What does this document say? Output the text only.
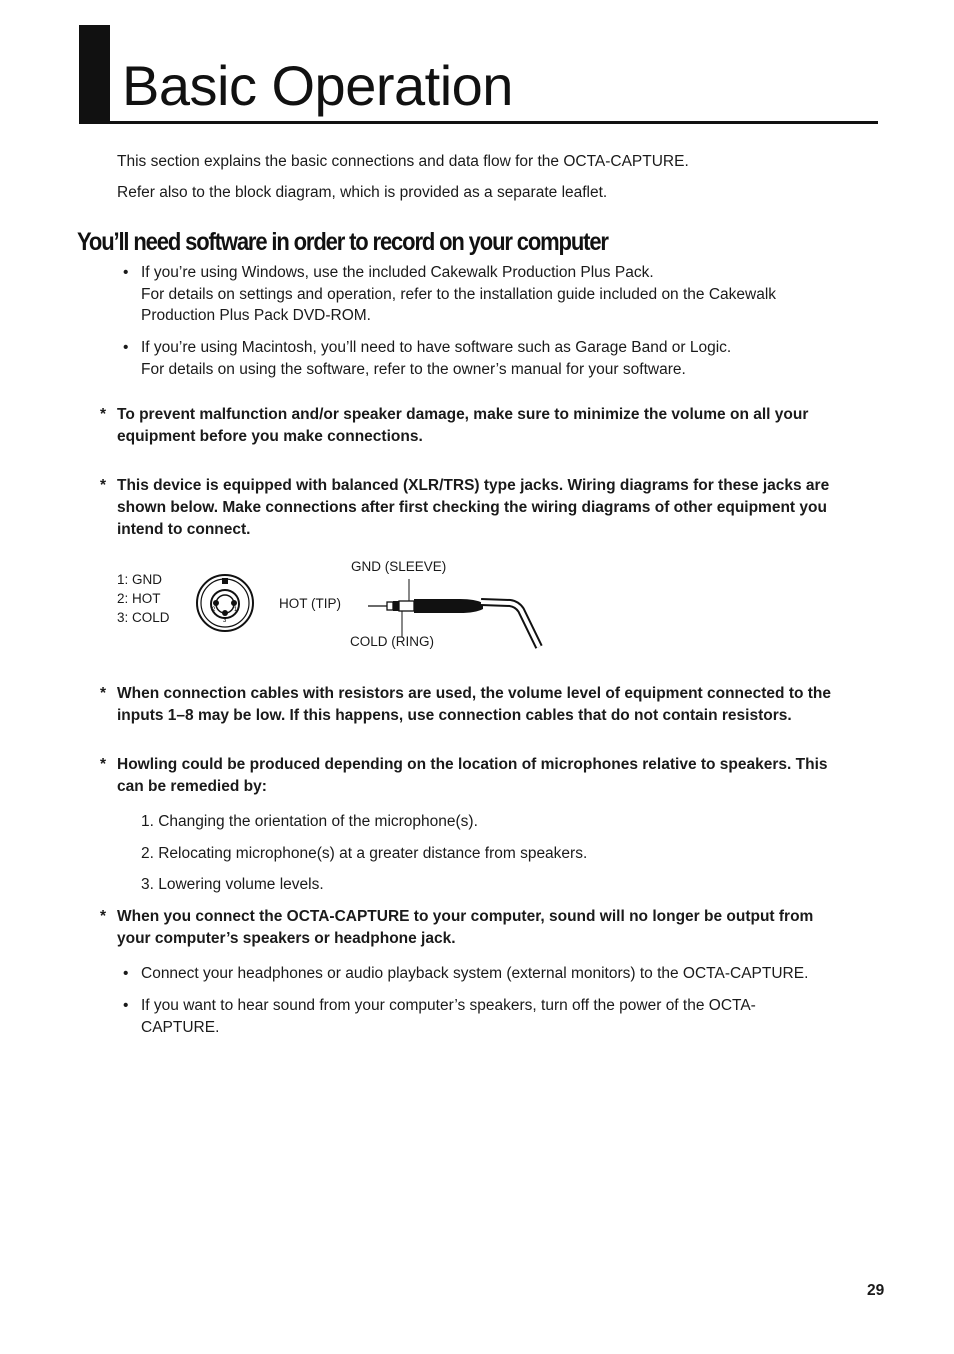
Basic Operation
This section explains the basic connections and data flow for the OCTA-CAPTURE.
Refer also to the block diagram, which is provided as a separate leaflet.
You’ll need software in order to record on your computer
• If you’re using Windows, use the included Cakewalk Production Plus Pack.
For details on settings and operation, refer to the installation guide included on the Cakewalk
Production Plus Pack DVD-ROM.
• If you’re using Macintosh, you’ll need to have software such as Garage Band or Logic.
For details on using the software, refer to the owner’s manual for your software.
* To prevent malfunction and/or speaker damage, make sure to minimize the volume on all your
equipment before you make connections.
* This device is equipped with balanced (XLR/TRS) type jacks. Wiring diagrams for these jacks are
shown below. Make connections after first checking the wiring diagrams of other equipment you
intend to connect.
1: GND
2: HOT
3: COLD	2	1
3
HOT (TIP)
GND (SLEEVE)
COLD (RING)
* When connection cables with resistors are used, the volume level of equipment connected to the
inputs 1–8 may be low. If this happens, use connection cables that do not contain resistors.
* Howling could be produced depending on the location of microphones relative to speakers. This
can be remedied by:
1. Changing the orientation of the microphone(s).
2. Relocating microphone(s) at a greater distance from speakers.
3. Lowering volume levels.
* When you connect the OCTA-CAPTURE to your computer, sound will no longer be output from
your computer’s speakers or headphone jack.
• Connect your headphones or audio playback system (external monitors) to the OCTA-CAPTURE.
• If you want to hear sound from your computer’s speakers, turn off the power of the OCTA-
CAPTURE.
29
